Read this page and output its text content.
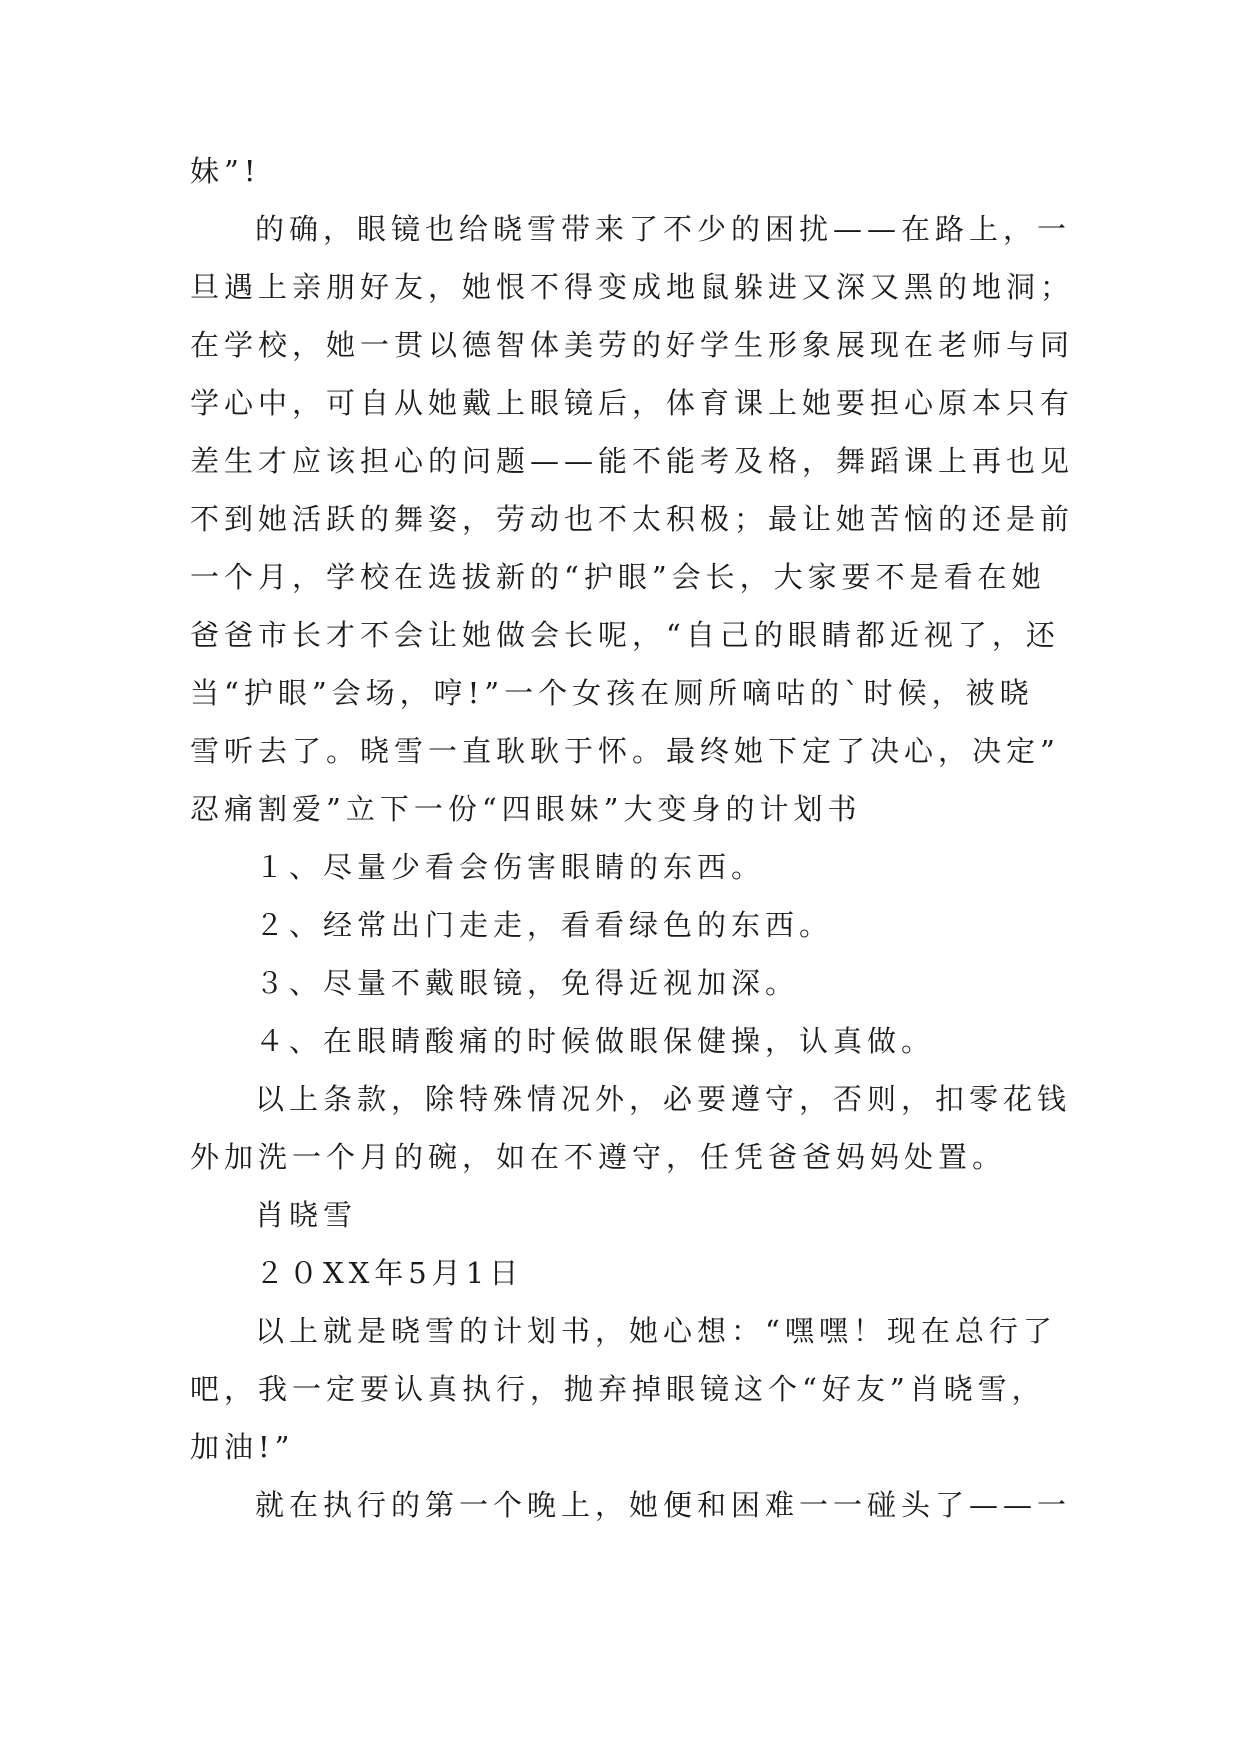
妹”!
的确，眼镜也给晓雪带来了不少的困扰——在路上，一
旦遇上亲朋好友，她恨不得变成地鼠躲进又深又黑的地洞；
在学校，她一贯以德智体美劳的好学生形象展现在老师与同
学心中，可自从她戴上眼镜后，体育课上她要担心原本只有
差生才应该担心的问题——能不能考及格，舞蹈课上再也见
不到她活跃的舞姿，劳动也不太积极；最让她苦恼的还是前
一个月，学校在选拔新的“护眼”会长，大家要不是看在她
爸爸市长才不会让她做会长呢，“自己的眼睛都近视了，还
当“护眼”会场，哼!”一个女孩在厕所嘀咕的`时候，被晓
雪听去了。晓雪一直耿耿于怀。最终她下定了决心，决定”
忍痛割爱”立下一份“四眼妹”大变身的计划书
１、尽量少看会伤害眼睛的东西。
２、经常出门走走，看看绿色的东西。
３、尽量不戴眼镜，免得近视加深。
４、在眼睛酸痛的时候做眼保健操，认真做。
以上条款，除特殊情况外，必要遵守，否则，扣零花钱
外加洗一个月的碗，如在不遵守，任凭爸爸妈妈处置。
肖晓雪
２０XX年5月1日
以上就是晓雪的计划书，她心想：“嘿嘿！现在总行了
吧，我一定要认真执行，抛弃掉眼镜这个“好友”肖晓雪，
加油!”
就在执行的第一个晚上，她便和困难一一碰头了——一
